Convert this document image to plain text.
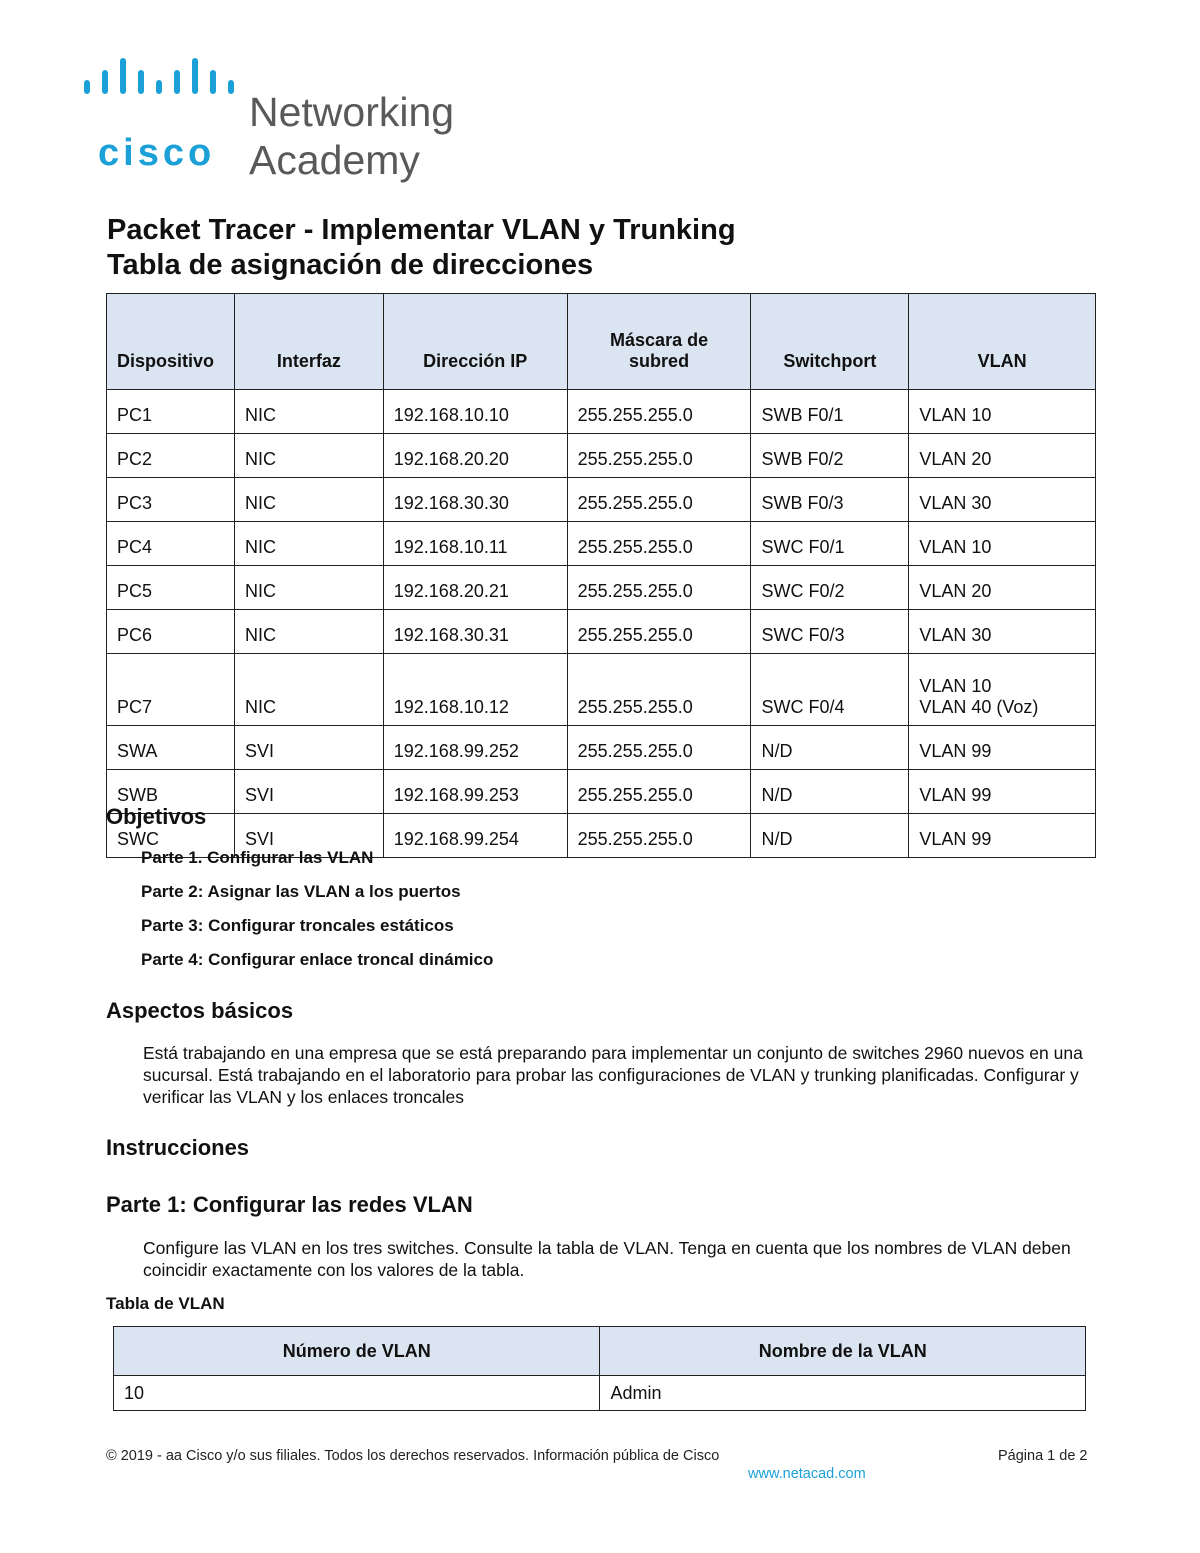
cisco
Networking
Academy
Packet Tracer - Implementar VLAN y Trunking
Tabla de asignación de direcciones
Dispositivo	Interfaz	Dirección IP	Máscara de subred	Switchport	VLAN
PC1	NIC	192.168.10.10	255.255.255.0	SWB F0/1	VLAN 10
PC2	NIC	192.168.20.20	255.255.255.0	SWB F0/2	VLAN 20
PC3	NIC	192.168.30.30	255.255.255.0	SWB F0/3	VLAN 30
PC4	NIC	192.168.10.11	255.255.255.0	SWC F0/1	VLAN 10
PC5	NIC	192.168.20.21	255.255.255.0	SWC F0/2	VLAN 20
PC6	NIC	192.168.30.31	255.255.255.0	SWC F0/3	VLAN 30
PC7	NIC	192.168.10.12	255.255.255.0	SWC F0/4	VLAN 10
VLAN 40 (Voz)
SWA	SVI	192.168.99.252	255.255.255.0	N/D	VLAN 99
SWB	SVI	192.168.99.253	255.255.255.0	N/D	VLAN 99
SWC	SVI	192.168.99.254	255.255.255.0	N/D	VLAN 99
Objetivos
Parte 1. Configurar las VLAN
Parte 2: Asignar las VLAN a los puertos
Parte 3: Configurar troncales estáticos
Parte 4: Configurar enlace troncal dinámico
Aspectos básicos
Está trabajando en una empresa que se está preparando para implementar un conjunto de switches 2960 nuevos en una sucursal. Está trabajando en el laboratorio para probar las configuraciones de VLAN y trunking planificadas. Configurar y verificar las VLAN y los enlaces troncales
Instrucciones
Parte 1: Configurar las redes VLAN
Configure las VLAN en los tres switches. Consulte la tabla de VLAN. Tenga en cuenta que los nombres de VLAN deben coincidir exactamente con los valores de la tabla.
Tabla de VLAN
Número de VLAN	Nombre de la VLAN
10	Admin
© 2019 - aa Cisco y/o sus filiales. Todos los derechos reservados. Información pública de Cisco	Página 1 de 2
www.netacad.com
